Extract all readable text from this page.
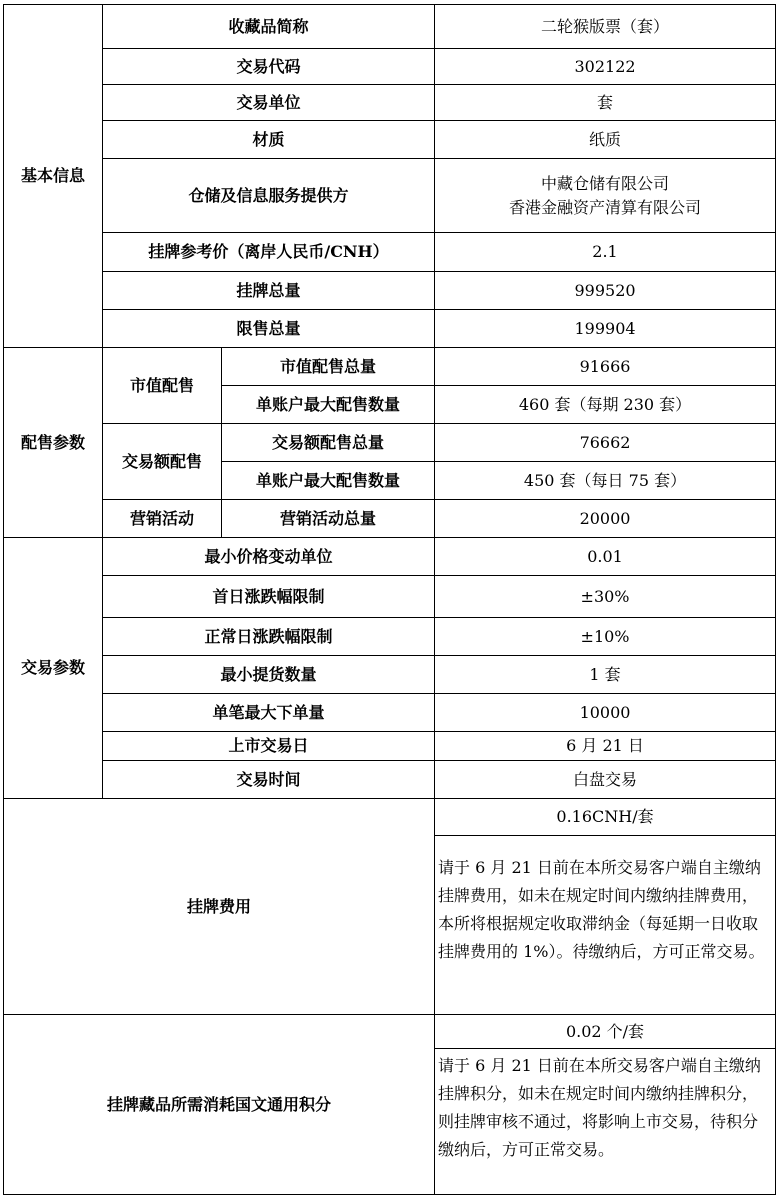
基本信息	收藏品简称		二轮猴版票（套）
	交易代码		302122
	交易单位		套
	材质		纸质
	仓储及信息服务提供方		中藏仓储有限公司
香港金融资产清算有限公司

	挂牌参考价（离岸人民币/CNH）		2.1
	挂牌总量		999520
	限售总量		199904
配售参数	市值配售	市值配售总量	91666
		单账户最大配售数量	460 套（每期 230 套）
	交易额配售	交易额配售总量	76662
		单账户最大配售数量	450 套（每日 75 套）
	营销活动	营销活动总量	20000
交易参数	最小价格变动单位		0.01
	首日涨跌幅限制		±30%
	正常日涨跌幅限制		±10%
	最小提货数量		1 套
	单笔最大下单量		10000
	上市交易日		6 月 21 日
	交易时间		白盘交易
挂牌费用			0.16CNH/套
			请于 6 月 21 日前在本所交易客户端自主缴纳挂牌费用，如未在规定时间内缴纳挂牌费用，本所将根据规定收取滞纳金（每延期一日收取挂牌费用的 1%）。待缴纳后，方可正常交易。
挂牌藏品所需消耗国文通用积分			0.02 个/套
			请于 6 月 21 日前在本所交易客户端自主缴纳挂牌积分，如未在规定时间内缴纳挂牌积分，则挂牌审核不通过，将影响上市交易，待积分缴纳后，方可正常交易。
